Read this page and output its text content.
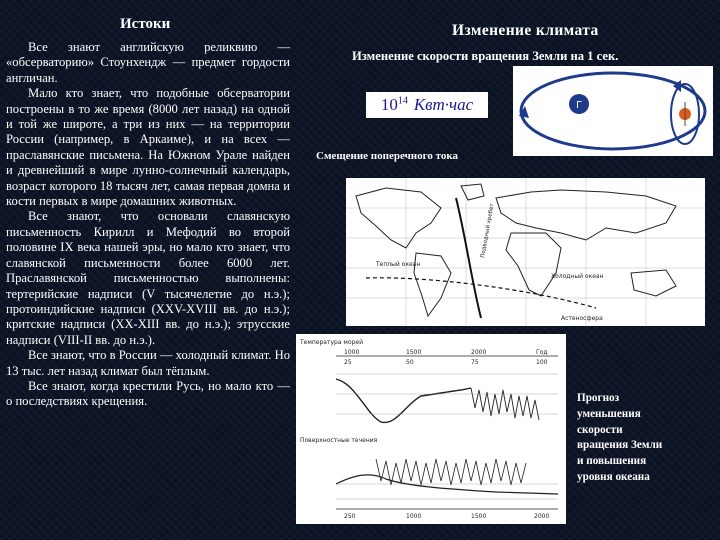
Истоки

Все знают английскую реликвию — «обсерваторию» Стоунхендж — предмет гордости англичан.

Мало кто знает, что подобные обсерватории построены в то же время (8000 лет назад) на одной и той же широте, а три из них — на территории России (например, в Аркаиме), и на всех — праславянские письмена. На Южном Урале найден и древнейший в мире лунно-солнечный календарь, возраст которого 18 тысяч лет, самая первая домна и кости первых в мире домашних животных.

Все знают, что основали славянскую письменность Кирилл и Мефодий во второй половине IX века нашей эры, но мало кто знает, что славянской письменности более 6000 лет. Праславянской письменностью выполнены: тертерийские надписи (V тысячелетие до н.э.); протоиндийские надписи (XXV-XVIII вв. до н.э.); критские надписи (XX-XIII вв. до н.э.); этрусские надписи (VIII-II вв. до н.э.).

Все знают, что в России — холодный климат. Но 13 тыс. лет назад климат был тёплым.

Все знают, когда крестили Русь, но мало кто — о последствиях крещения.

Изменение климата
Изменение скорости вращения Земли на 1 сек.
$10^{14}$ Квт·час	Г
Смещение поперечного тока
Теплый океан
Холодный океан
Астеносфера
Подводный хребет
Температура морей
1000	1500	2000	Год
25	50	75	100
Поверхностные течения
250	1000	1500	2000
Прогноз
уменьшения
скорости
вращения Земли
и повышения
уровня океана
